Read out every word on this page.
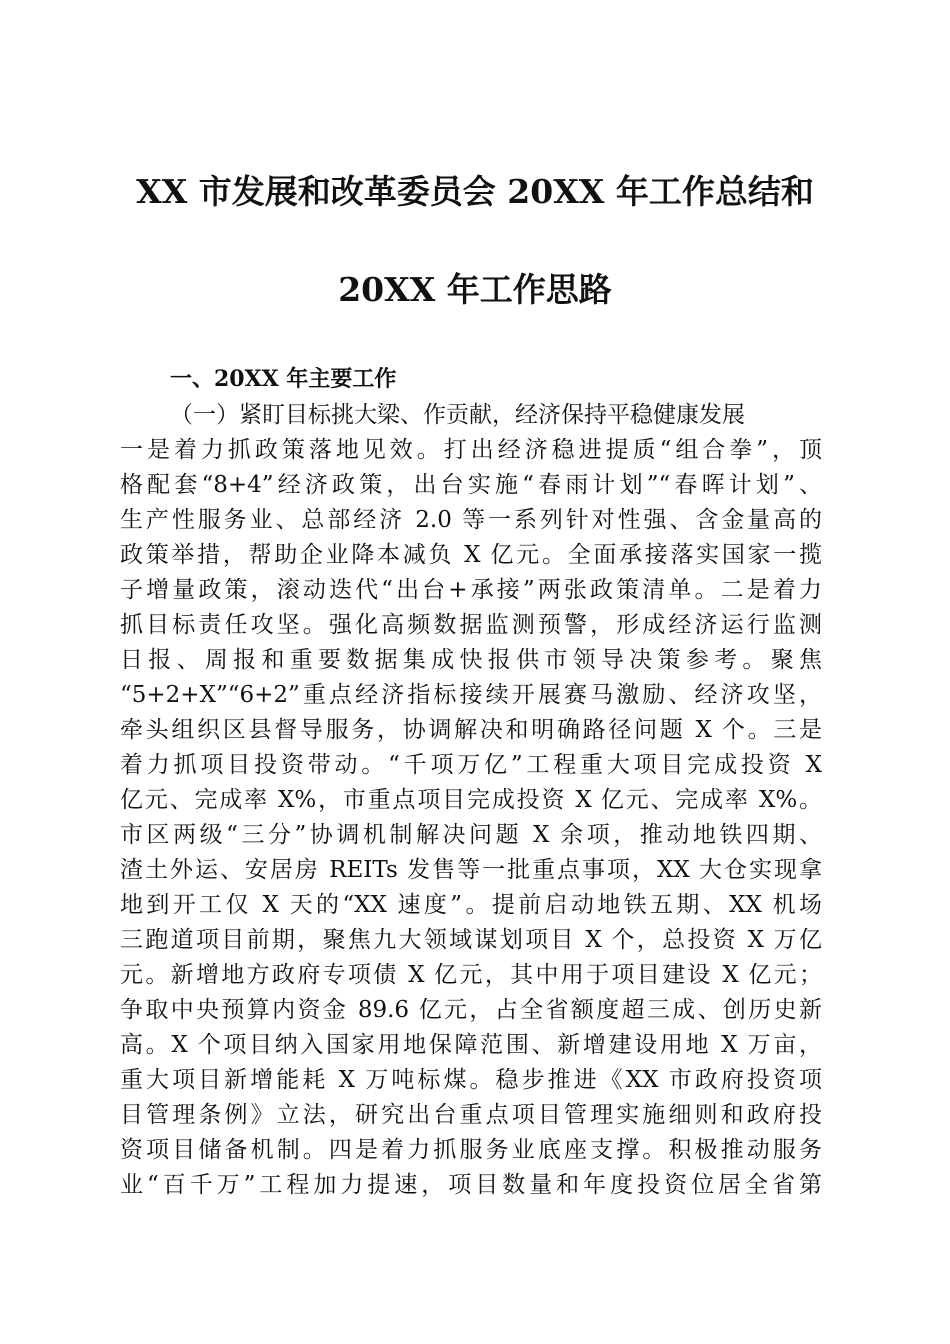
XX 市发展和改革委员会 20XX 年工作总结和
20XX 年工作思路
一、20XX 年主要工作
（一）紧盯目标挑大梁、作贡献，经济保持平稳健康发展
一是着力抓政策落地见效。打出经济稳进提质“组合拳”，顶
格配套“8+4”经济政策，出台实施“春雨计划”“春晖计划”、
生产性服务业、总部经济 2.0 等一系列针对性强、含金量高的
政策举措，帮助企业降本减负 X 亿元。全面承接落实国家一揽
子增量政策，滚动迭代“出台+承接”两张政策清单。二是着力
抓目标责任攻坚。强化高频数据监测预警，形成经济运行监测
日报、周报和重要数据集成快报供市领导决策参考。聚焦
“5+2+X”“6+2”重点经济指标接续开展赛马激励、经济攻坚，
牵头组织区县督导服务，协调解决和明确路径问题 X 个。三是
着力抓项目投资带动。“千项万亿”工程重大项目完成投资 X
亿元、完成率 X%，市重点项目完成投资 X 亿元、完成率 X%。
市区两级“三分”协调机制解决问题 X 余项，推动地铁四期、
渣土外运、安居房 REITs 发售等一批重点事项，XX 大仓实现拿
地到开工仅 X 天的“XX 速度”。提前启动地铁五期、XX 机场
三跑道项目前期，聚焦九大领域谋划项目 X 个，总投资 X 万亿
元。新增地方政府专项债 X 亿元，其中用于项目建设 X 亿元；
争取中央预算内资金 89.6 亿元，占全省额度超三成、创历史新
高。X 个项目纳入国家用地保障范围、新增建设用地 X 万亩，
重大项目新增能耗 X 万吨标煤。稳步推进《XX 市政府投资项
目管理条例》立法，研究出台重点项目管理实施细则和政府投
资项目储备机制。四是着力抓服务业底座支撑。积极推动服务
业“百千万”工程加力提速，项目数量和年度投资位居全省第
